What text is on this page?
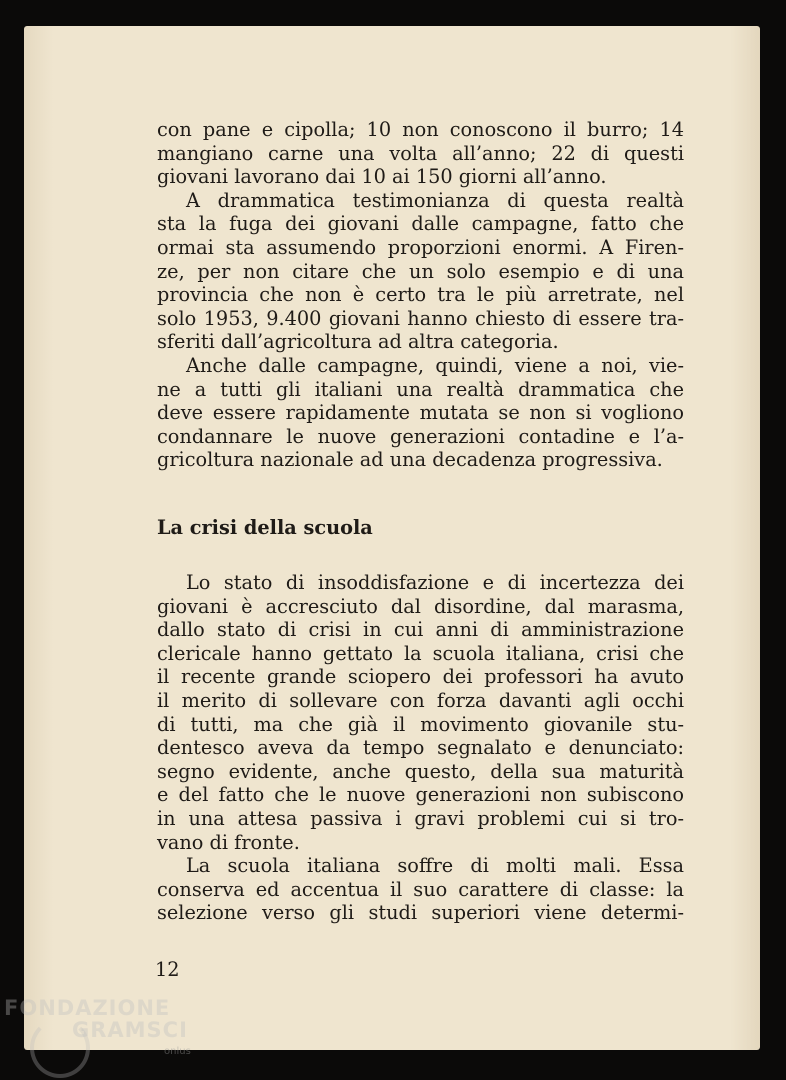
con pane e cipolla; 10 non conoscono il burro; 14
mangiano carne una volta all’anno; 22 di questi
giovani lavorano dai 10 ai 150 giorni all’anno.
A drammatica testimonianza di questa realtà
sta la fuga dei giovani dalle campagne, fatto che
ormai sta assumendo proporzioni enormi. A Firen-
ze, per non citare che un solo esempio e di una
provincia che non è certo tra le più arretrate, nel
solo 1953, 9.400 giovani hanno chiesto di essere tra-
sferiti dall’agricoltura ad altra categoria.
Anche dalle campagne, quindi, viene a noi, vie-
ne a tutti gli italiani una realtà drammatica che
deve essere rapidamente mutata se non si vogliono
condannare le nuove generazioni contadine e l’a-
gricoltura nazionale ad una decadenza progressiva.
La crisi della scuola
Lo stato di insoddisfazione e di incertezza dei
giovani è accresciuto dal disordine, dal marasma,
dallo stato di crisi in cui anni di amministrazione
clericale hanno gettato la scuola italiana, crisi che
il recente grande sciopero dei professori ha avuto
il merito di sollevare con forza davanti agli occhi
di tutti, ma che già il movimento giovanile stu-
dentesco aveva da tempo segnalato e denunciato:
segno evidente, anche questo, della sua maturità
e del fatto che le nuove generazioni non subiscono
in una attesa passiva i gravi problemi cui si tro-
vano di fronte.
La scuola italiana soffre di molti mali. Essa
conserva ed accentua il suo carattere di classe: la
selezione verso gli studi superiori viene determi-
12
FONDAZIONE
GRAMSCI
onlus
